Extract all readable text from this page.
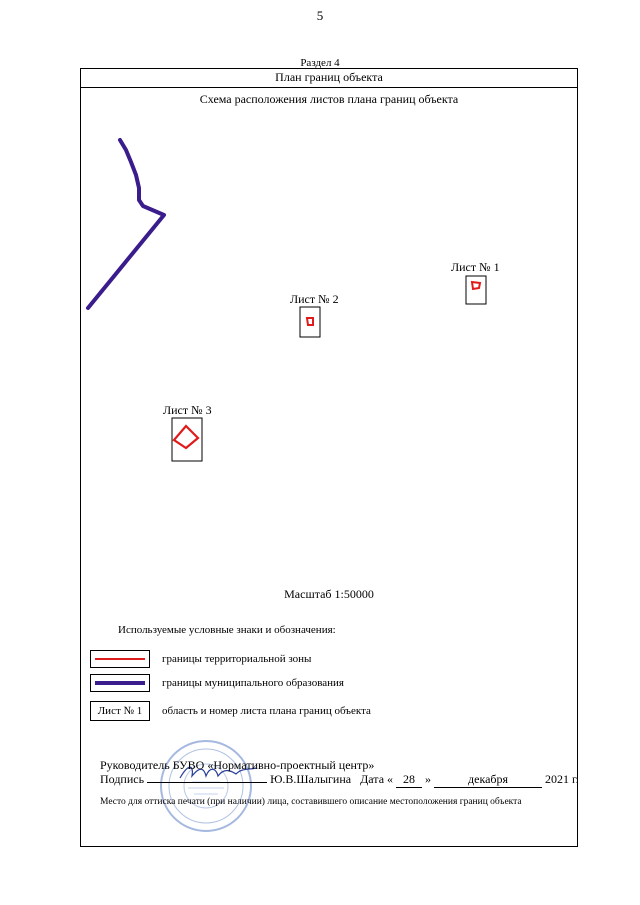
5
Раздел 4
План границ объекта
Схема расположения листов плана границ объекта
Лист № 1
Лист № 2
Лист № 3
Масштаб 1:50000
Используемые условные знаки и обозначения:
границы территориальной зоны
границы муниципального образования
Лист № 1	область и номер листа плана границ объекта
Руководитель БУВО «Нормативно-проектный центр»
Подпись	Ю.В.Шалыгина Дата « 28 »	декабря	2021 г.
Место для оттиска печати (при наличии) лица, составившего описание местоположения границ объекта
